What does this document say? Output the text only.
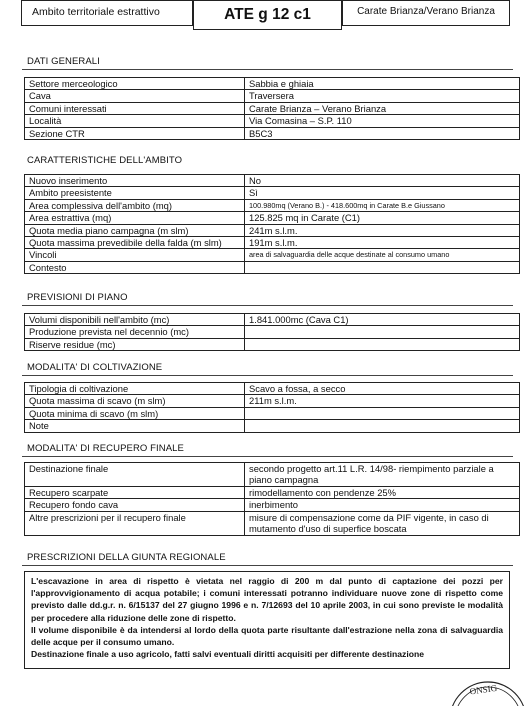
Ambito territoriale estrattivo	ATE g 12 c1	Carate Brianza/Verano Brianza
DATI GENERALI
Settore merceologico	Sabbia e ghiaia
Cava	Traversera
Comuni interessati	Carate Brianza – Verano Brianza
Località	Via Comasina – S.P. 110
Sezione CTR	B5C3
CARATTERISTICHE DELL'AMBITO
Nuovo inserimento	No
Ambito preesistente	Sì
Area complessiva dell'ambito (mq)	100.980mq (Verano B.) - 418.600mq in Carate B.e Giussano
Area estrattiva (mq)	125.825 mq in Carate (C1)
Quota media piano campagna (m slm)	241m s.l.m.
Quota massima prevedibile della falda (m slm)	191m s.l.m.
Vincoli	area di salvaguardia delle acque destinate al consumo umano
Contesto	
PREVISIONI DI PIANO
Volumi disponibili nell'ambito (mc)	1.841.000mc (Cava C1)
Produzione prevista nel decennio (mc)	
Riserve residue (mc)	
MODALITA' DI COLTIVAZIONE
Tipologia di coltivazione	Scavo a fossa, a secco
Quota massima di scavo (m slm)	211m s.l.m.
Quota minima di scavo (m slm)	
Note	
MODALITA' DI RECUPERO FINALE
Destinazione finale	secondo progetto art.11 L.R. 14/98- riempimento parziale a piano campagna
Recupero scarpate	rimodellamento con pendenze 25%
Recupero fondo cava	inerbimento
Altre prescrizioni per il recupero finale	misure di compensazione come da PIF vigente, in caso di mutamento d'uso di superfice boscata
PRESCRIZIONI DELLA GIUNTA REGIONALE

L'escavazione in area di rispetto è vietata nel raggio di 200 m dal punto di captazione dei pozzi per l'approvvigionamento di acqua potabile; i comuni interessati potranno individuare nuove zone di rispetto come previsto dalle dd.g.r. n. 6/15137 del 27 giugno 1996 e n. 7/12693 del 10 aprile 2003, in cui sono previste le modalità per procedere alla riduzione delle zone di rispetto.

Il volume disponibile è da intendersi al lordo della quota parte risultante dall'estrazione nella zona di salvaguardia delle acque per il consumo umano.

Destinazione finale a uso agricolo, fatti salvi eventuali diritti acquisiti per differente destinazione

ONSIG
